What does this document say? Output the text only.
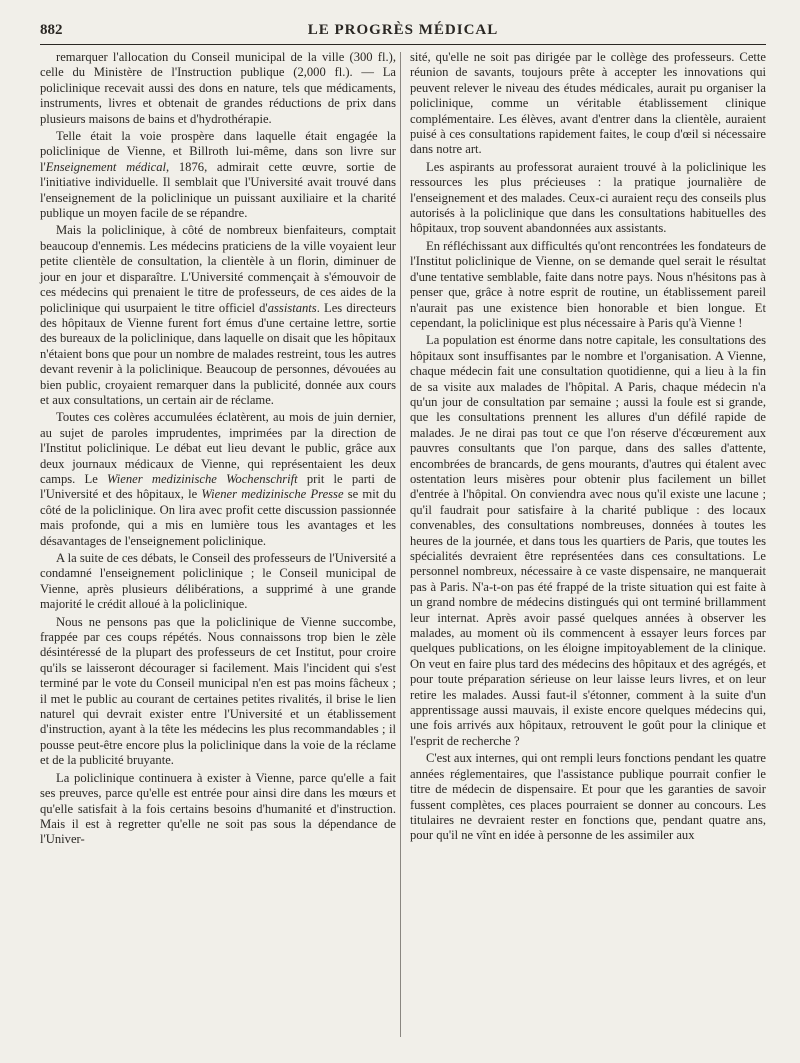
882	LE PROGRÈS MÉDICAL

remarquer l'allocation du Conseil municipal de la ville (300 fl.), celle du Ministère de l'Instruction publique (2,000 fl.). — La policlinique recevait aussi des dons en nature, tels que médicaments, instruments, livres et obtenait de grandes réductions de prix dans plusieurs maisons de bains et d'hydrothérapie.

Telle était la voie prospère dans laquelle était engagée la policlinique de Vienne, et Billroth lui-même, dans son livre sur l'Enseignement médical, 1876, admirait cette œuvre, sortie de l'initiative individuelle. Il semblait que l'Université avait trouvé dans l'enseignement de la policlinique un puissant auxiliaire et la charité publique un moyen facile de se répandre.

Mais la policlinique, à côté de nombreux bienfaiteurs, comptait beaucoup d'ennemis. Les médecins praticiens de la ville voyaient leur petite clientèle de consultation, la clientèle à un florin, diminuer de jour en jour et disparaître. L'Université commençait à s'émouvoir de ces médecins qui prenaient le titre de professeurs, de ces aides de la policlinique qui usurpaient le titre officiel d'assistants. Les directeurs des hôpitaux de Vienne furent fort émus d'une certaine lettre, sortie des bureaux de la policlinique, dans laquelle on disait que les hôpitaux n'étaient bons que pour un nombre de malades restreint, tous les autres devant revenir à la policlinique. Beaucoup de personnes, dévouées au bien public, croyaient remarquer dans la publicité, donnée aux cours et aux consultations, un certain air de réclame.

Toutes ces colères accumulées éclatèrent, au mois de juin dernier, au sujet de paroles imprudentes, imprimées par la direction de l'Institut policlinique. Le débat eut lieu devant le public, grâce aux deux journaux médicaux de Vienne, qui représentaient les deux camps. Le Wiener medizinische Wochenschrift prit le parti de l'Université et des hôpitaux, le Wiener medizinische Presse se mit du côté de la policlinique. On lira avec profit cette discussion passionnée mais profonde, qui a mis en lumière tous les avantages et les désavantages de l'enseignement policlinique.

A la suite de ces débats, le Conseil des professeurs de l'Université a condamné l'enseignement policlinique ; le Conseil municipal de Vienne, après plusieurs délibérations, a supprimé à une grande majorité le crédit alloué à la policlinique.

Nous ne pensons pas que la policlinique de Vienne succombe, frappée par ces coups répétés. Nous connaissons trop bien le zèle désintéressé de la plupart des professeurs de cet Institut, pour croire qu'ils se laisseront décourager si facilement. Mais l'incident qui s'est terminé par le vote du Conseil municipal n'en est pas moins fâcheux ; il met le public au courant de certaines petites rivalités, il brise le lien naturel qui devrait exister entre l'Université et un établissement d'instruction, ayant à la tête les médecins les plus recommandables ; il pousse peut-être encore plus la policlinique dans la voie de la réclame et de la publicité bruyante.

La policlinique continuera à exister à Vienne, parce qu'elle a fait ses preuves, parce qu'elle est entrée pour ainsi dire dans les mœurs et qu'elle satisfait à la fois certains besoins d'humanité et d'instruction. Mais il est à regretter qu'elle ne soit pas sous la dépendance de l'Univer-

sité, qu'elle ne soit pas dirigée par le collège des professeurs. Cette réunion de savants, toujours prête à accepter les innovations qui peuvent relever le niveau des études médicales, aurait pu organiser la policlinique, comme un véritable établissement clinique complémentaire. Les élèves, avant d'entrer dans la clientèle, auraient puisé à ces consultations rapidement faites, le coup d'œil si nécessaire dans notre art.

Les aspirants au professorat auraient trouvé à la policlinique les ressources les plus précieuses : la pratique journalière de l'enseignement et des malades. Ceux-ci auraient reçu des conseils plus autorisés à la policlinique que dans les consultations habituelles des hôpitaux, trop souvent abandonnées aux assistants.

En réfléchissant aux difficultés qu'ont rencontrées les fondateurs de l'Institut policlinique de Vienne, on se demande quel serait le résultat d'une tentative semblable, faite dans notre pays. Nous n'hésitons pas à penser que, grâce à notre esprit de routine, un établissement pareil n'aurait pas une existence bien honorable et bien longue. Et cependant, la policlinique est plus nécessaire à Paris qu'à Vienne !

La population est énorme dans notre capitale, les consultations des hôpitaux sont insuffisantes par le nombre et l'organisation. A Vienne, chaque médecin fait une consultation quotidienne, qui a lieu à la fin de sa visite aux malades de l'hôpital. A Paris, chaque médecin n'a qu'un jour de consultation par semaine ; aussi la foule est si grande, que les consultations prennent les allures d'un défilé rapide de malades. Je ne dirai pas tout ce que l'on réserve d'écœurement aux pauvres consultants que l'on parque, dans des salles d'attente, encombrées de brancards, de gens mourants, d'autres qui étalent avec ostentation leurs misères pour obtenir plus facilement un billet d'entrée à l'hôpital. On conviendra avec nous qu'il existe une lacune ; qu'il faudrait pour satisfaire à la charité publique : des locaux convenables, des consultations nombreuses, données à toutes les heures de la journée, et dans tous les quartiers de Paris, que toutes les spécialités devraient être représentées dans ces consultations. Le personnel nombreux, nécessaire à ce vaste dispensaire, ne manquerait pas à Paris. N'a-t-on pas été frappé de la triste situation qui est faite à un grand nombre de médecins distingués qui ont terminé brillamment leur internat. Après avoir passé quelques années à observer les malades, au moment où ils commencent à essayer leurs forces par quelques publications, on les éloigne impitoyablement de la clinique. On veut en faire plus tard des médecins des hôpitaux et des agrégés, et pour toute préparation sérieuse on leur laisse leurs livres, et on leur retire les malades. Aussi faut-il s'étonner, comment à la suite d'un apprentissage aussi mauvais, il existe encore quelques médecins qui, une fois arrivés aux hôpitaux, retrouvent le goût pour la clinique et l'esprit de recherche ?

C'est aux internes, qui ont rempli leurs fonctions pendant les quatre années réglementaires, que l'assistance publique pourrait confier le titre de médecin de dispensaire. Et pour que les garanties de savoir fussent complètes, ces places pourraient se donner au concours. Les titulaires ne devraient rester en fonctions que, pendant quatre ans, pour qu'il ne vînt en idée à personne de les assimiler aux
